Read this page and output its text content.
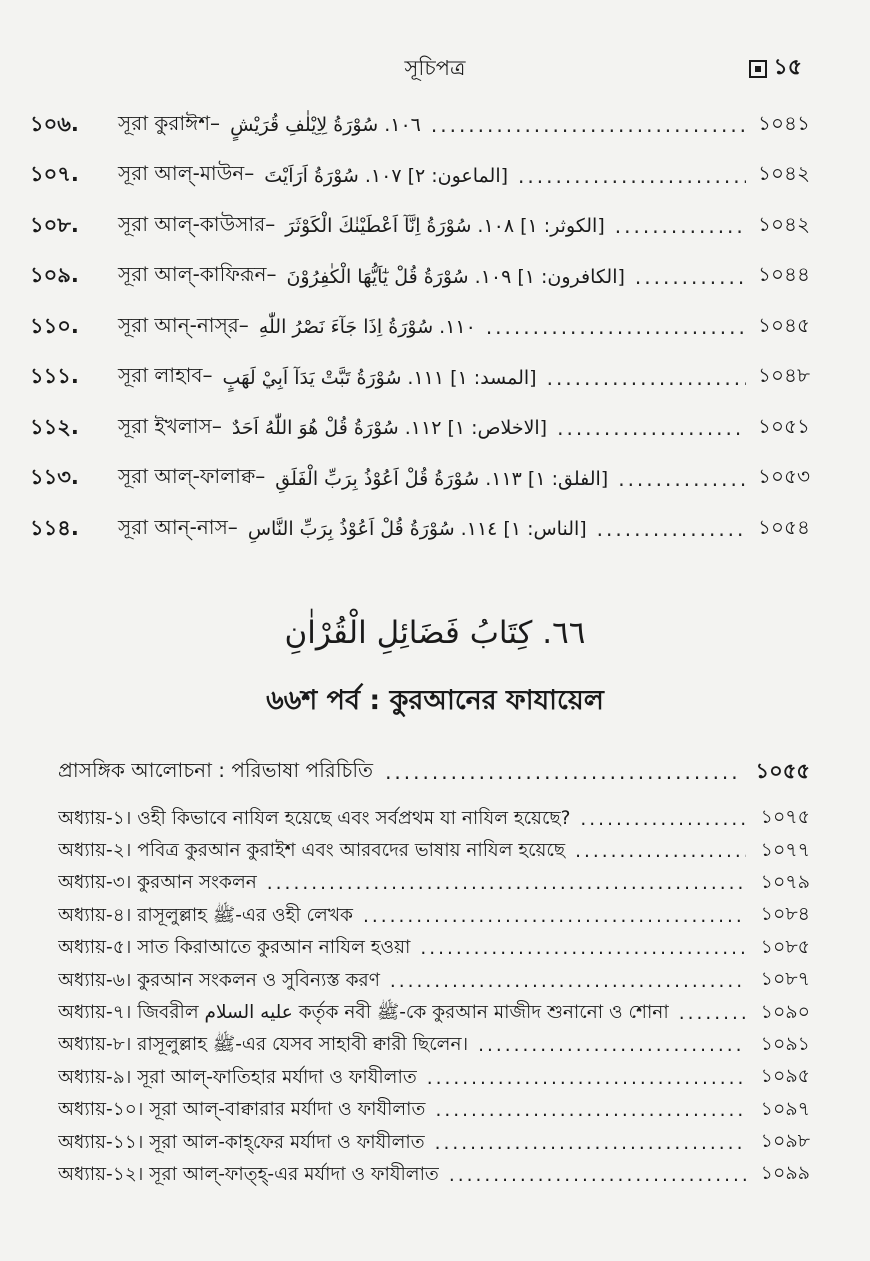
সূচিপত্র	১৫
১০৬.	সূরা কুরাঈশ– ١٠٦. سُوْرَةُ لِاِيْلٰفِ قُرَيْشٍ .....	১০৪১
১০৭.	সূরা আল্-মাউন– [الماعون: ٢] ١٠٧. سُوْرَةُ اَرَاَيْتَ .....	১০৪২
১০৮.	সূরা আল্-কাউসার– [الكوثر: ١] ١٠٨. سُوْرَةُ اِنَّآ اَعْطَيْنٰكَ الْكَوْثَرَ .....	১০৪২
১০৯.	সূরা আল্-কাফিরূন– [الكافرون: ١] ١٠٩. سُوْرَةُ قُلْ يٰٓاَيُّهَا الْكٰفِرُوْنَ .....	১০৪৪
১১০.	সূরা আন্-নাস্‌র– ١١٠. سُوْرَةُ اِذَا جَآءَ نَصْرُ اللّٰهِ .....	১০৪৫
১১১.	সূরা লাহাব– [المسد: ١] ١١١. سُوْرَةُ تَبَّتْ يَدَآ اَبِيْ لَهَبٍ .....	১০৪৮
১১২.	সূরা ইখলাস– [الاخلاص: ١] ١١٢. سُوْرَةُ قُلْ هُوَ اللّٰهُ اَحَدٌ .....	১০৫১
১১৩.	সূরা আল্-ফালাক্ব– [الفلق: ١] ١١٣. سُوْرَةُ قُلْ اَعُوْذُ بِرَبِّ الْفَلَقِ .....	১০৫৩
১১৪.	সূরা আন্-নাস– [الناس: ١] ١١٤. سُوْرَةُ قُلْ اَعُوْذُ بِرَبِّ النَّاسِ .....	১০৫৪
٦٦. كِتَابُ فَضَائِلِ الْقُرْاٰنِ
৬৬শ পর্ব : কুরআনের ফাযায়েল
প্রাসঙ্গিক আলোচনা : পরিভাষা পরিচিতি .....	১০৫৫
অধ্যায়-১। ওহী কিভাবে নাযিল হয়েছে এবং সর্বপ্রথম যা নাযিল হয়েছে? .....	১০৭৫
অধ্যায়-২। পবিত্র কুরআন কুরাইশ এবং আরবদের ভাষায় নাযিল হয়েছে .....	১০৭৭
অধ্যায়-৩। কুরআন সংকলন .....	১০৭৯
অধ্যায়-৪। রাসূলুল্লাহ ﷺ-এর ওহী লেখক .....	১০৮৪
অধ্যায়-৫। সাত কিরাআতে কুরআন নাযিল হওয়া .....	১০৮৫
অধ্যায়-৬। কুরআন সংকলন ও সুবিন্যস্ত করণ .....	১০৮৭
অধ্যায়-৭। জিবরীল عليه السلام কর্তৃক নবী ﷺ-কে কুরআন মাজীদ শুনানো ও শোনা .....	১০৯০
অধ্যায়-৮। রাসূলুল্লাহ ﷺ-এর যেসব সাহাবী ক্বারী ছিলেন। .....	১০৯১
অধ্যায়-৯। সূরা আল্-ফাতিহার মর্যাদা ও ফাযীলাত .....	১০৯৫
অধ্যায়-১০। সূরা আল্-বাক্বারার মর্যাদা ও ফাযীলাত .....	১০৯৭
অধ্যায়-১১। সূরা আল-কাহ্‌ফের মর্যাদা ও ফাযীলাত .....	১০৯৮
অধ্যায়-১২। সূরা আল্-ফাত্‌হ্‌-এর মর্যাদা ও ফাযীলাত .....	১০৯৯
